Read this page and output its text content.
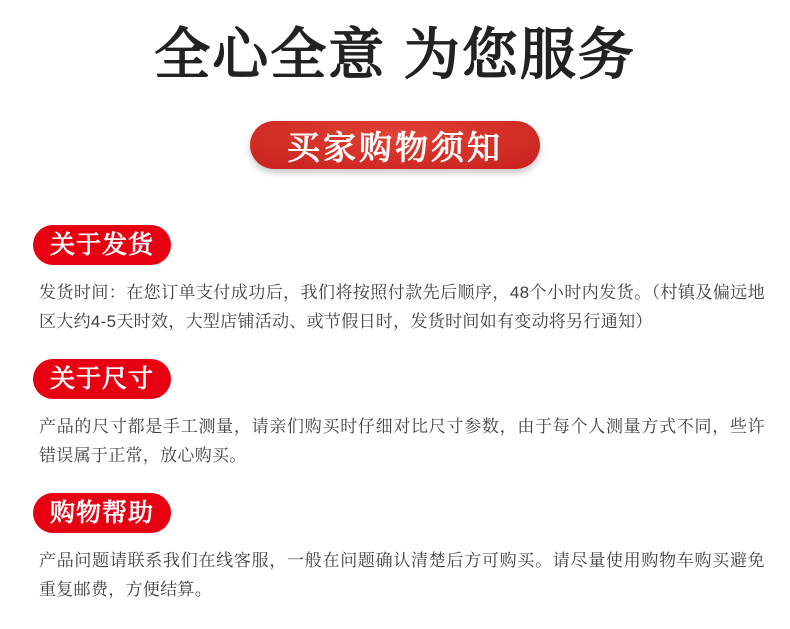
全心全意 为您服务
买家购物须知
关于发货

发货时间：在您订单支付成功后，我们将按照付款先后顺序，48个小时内发货。（村镇及偏远地区大约4-5天时效，大型店铺活动、或节假日时，发货时间如有变动将另行通知）

关于尺寸

产品的尺寸都是手工测量，请亲们购买时仔细对比尺寸参数，由于每个人测量方式不同，些许错误属于正常，放心购买。

购物帮助

产品问题请联系我们在线客服，一般在问题确认清楚后方可购买。请尽量使用购物车购买避免重复邮费，方便结算。
